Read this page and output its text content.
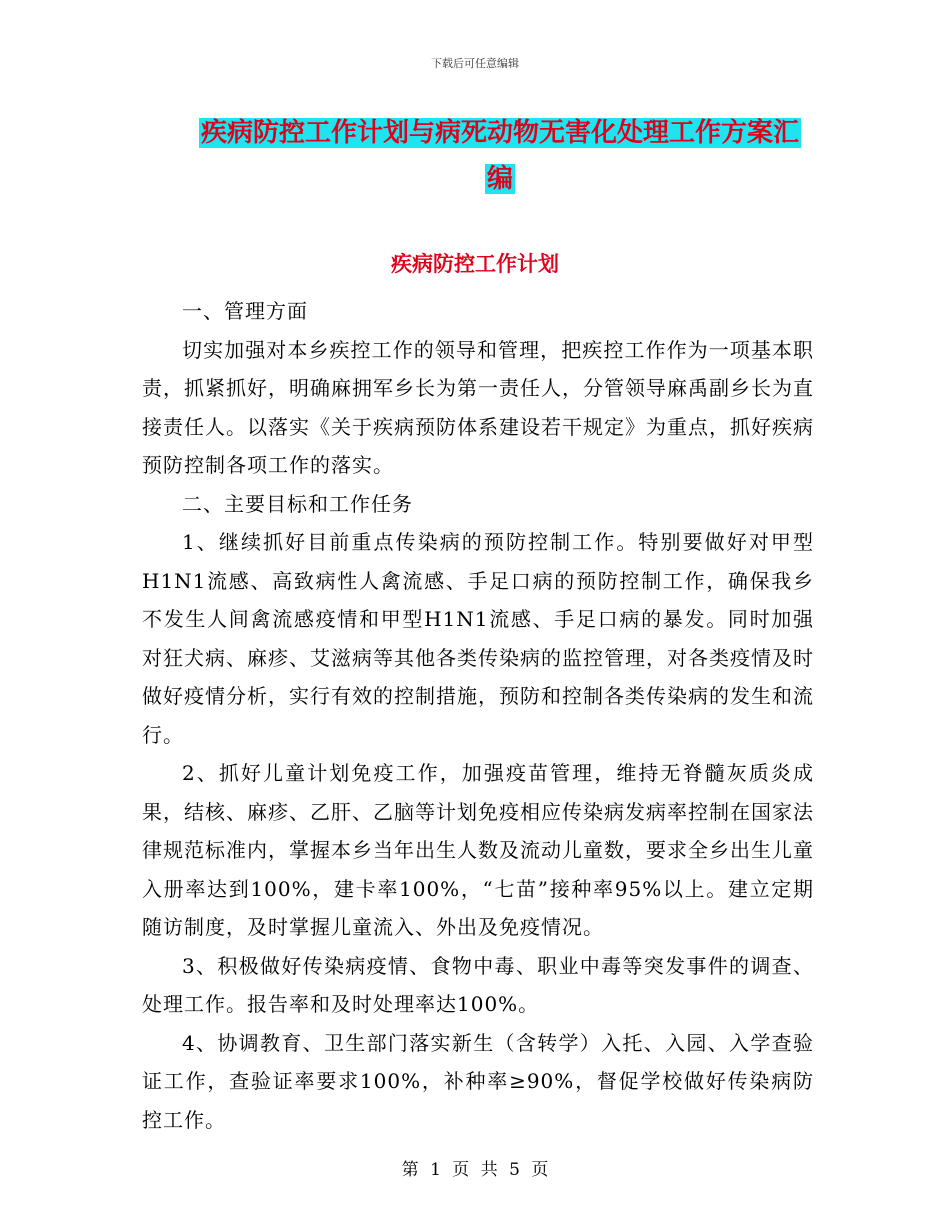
下载后可任意编辑
疾病防控工作计划与病死动物无害化处理工作方案汇
编
疾病防控工作计划

一、管理方面

切实加强对本乡疾控工作的领导和管理，把疾控工作作为一项基本职责，抓紧抓好，明确麻拥军乡长为第一责任人，分管领导麻禹副乡长为直接责任人。以落实《关于疾病预防体系建设若干规定》为重点，抓好疾病预防控制各项工作的落实。

二、主要目标和工作任务

1、继续抓好目前重点传染病的预防控制工作。特别要做好对甲型H1N1流感、高致病性人禽流感、手足口病的预防控制工作，确保我乡不发生人间禽流感疫情和甲型H1N1流感、手足口病的暴发。同时加强对狂犬病、麻疹、艾滋病等其他各类传染病的监控管理，对各类疫情及时做好疫情分析，实行有效的控制措施，预防和控制各类传染病的发生和流行。

2、抓好儿童计划免疫工作，加强疫苗管理，维持无脊髓灰质炎成果，结核、麻疹、乙肝、乙脑等计划免疫相应传染病发病率控制在国家法律规范标准内，掌握本乡当年出生人数及流动儿童数，要求全乡出生儿童入册率达到100%，建卡率100%，“七苗”接种率95%以上。建立定期随访制度，及时掌握儿童流入、外出及免疫情况。

3、积极做好传染病疫情、食物中毒、职业中毒等突发事件的调查、处理工作。报告率和及时处理率达100%。

4、协调教育、卫生部门落实新生（含转学）入托、入园、入学查验证工作，查验证率要求100%，补种率≥90%，督促学校做好传染病防控工作。

第 1 页 共 5 页
